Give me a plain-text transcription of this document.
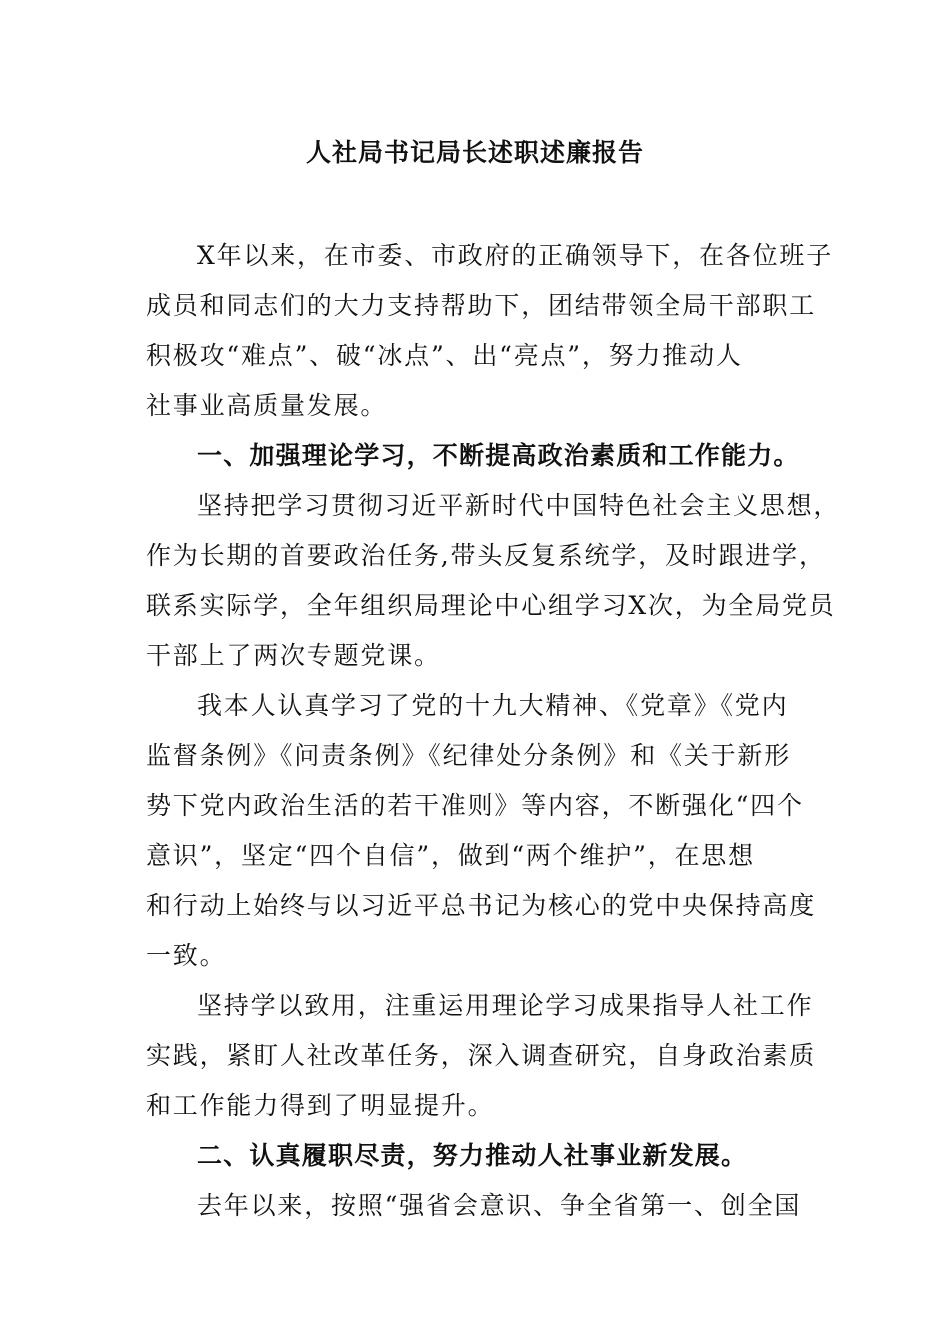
人社局书记局长述职述廉报告
X年以来，在市委、市政府的正确领导下，在各位班子
成员和同志们的大力支持帮助下，团结带领全局干部职工
积极攻“难点”、破“冰点”、出“亮点”，努力推动人
社事业高质量发展。
一、加强理论学习，不断提高政治素质和工作能力。
坚持把学习贯彻习近平新时代中国特色社会主义思想，
作为长期的首要政治任务,带头反复系统学，及时跟进学，
联系实际学，全年组织局理论中心组学习X次，为全局党员
干部上了两次专题党课。
我本人认真学习了党的十九大精神、《党章》《党内
监督条例》《问责条例》《纪律处分条例》和《关于新形
势下党内政治生活的若干准则》等内容，不断强化“四个
意识”，坚定“四个自信”，做到“两个维护”，在思想
和行动上始终与以习近平总书记为核心的党中央保持高度
一致。
坚持学以致用，注重运用理论学习成果指导人社工作
实践，紧盯人社改革任务，深入调查研究，自身政治素质
和工作能力得到了明显提升。
二、认真履职尽责，努力推动人社事业新发展。
去年以来，按照“强省会意识、争全省第一、创全国
